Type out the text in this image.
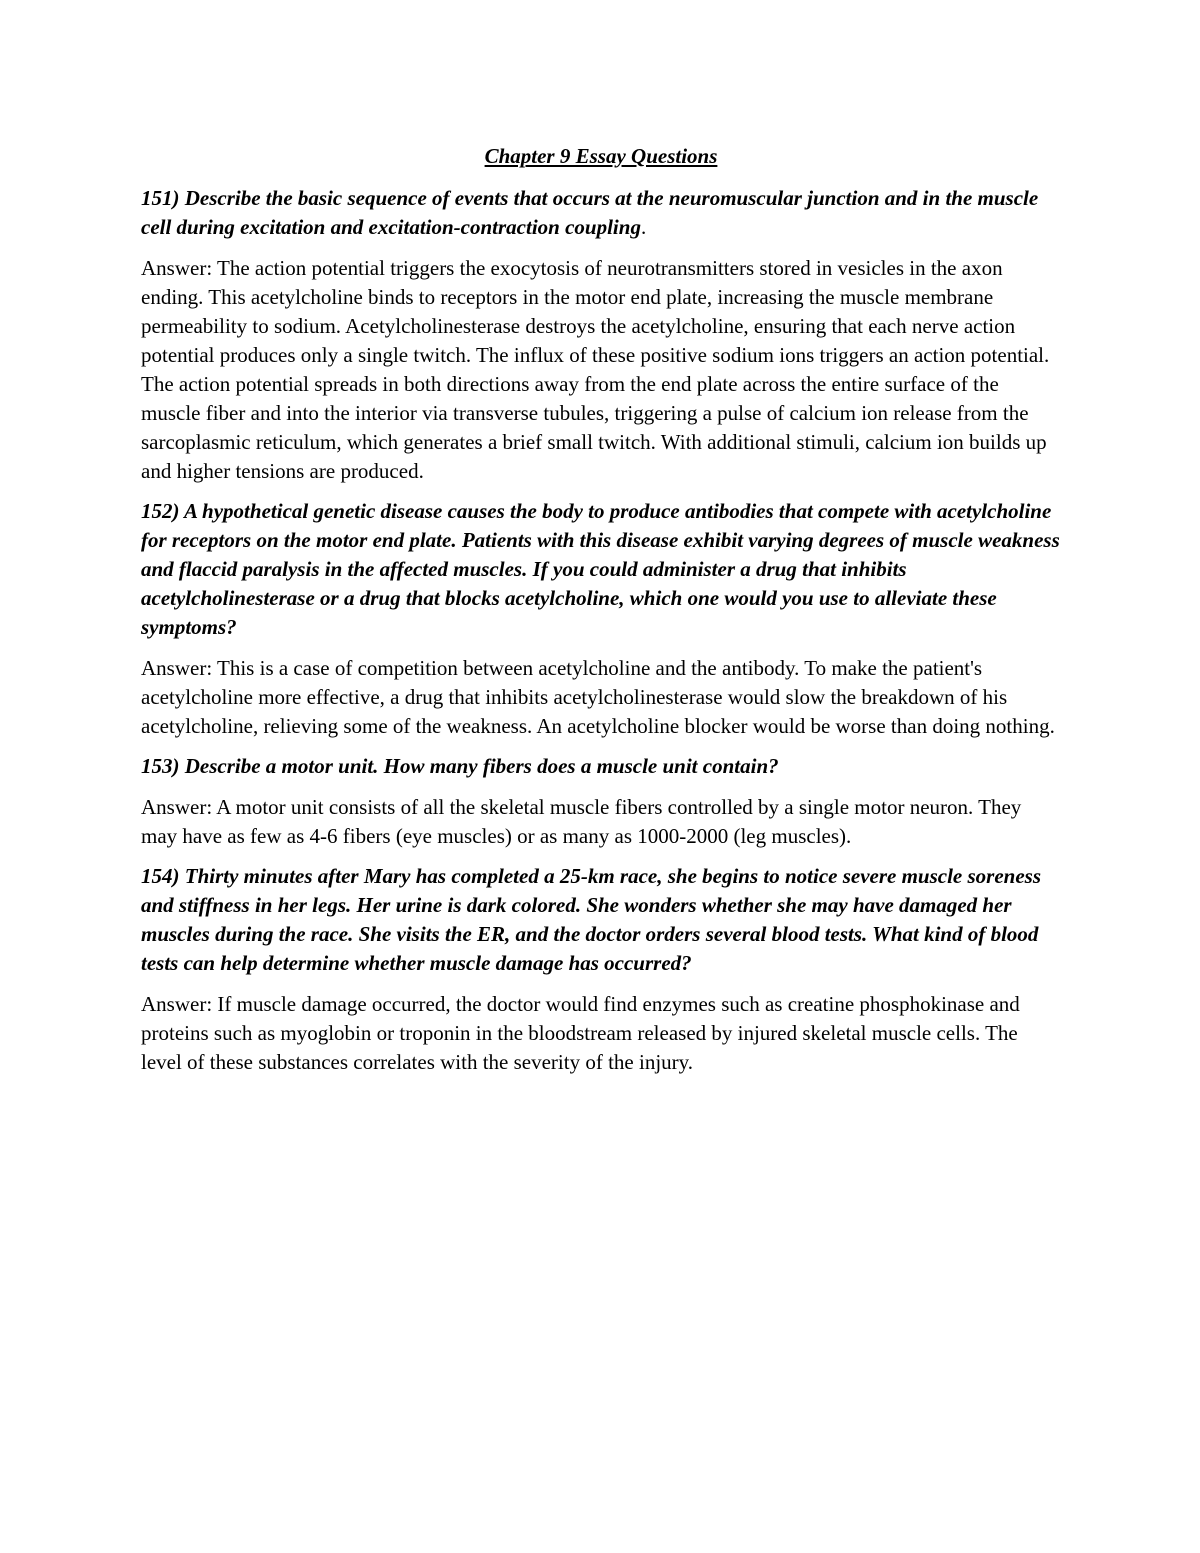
Chapter 9 Essay Questions

151) Describe the basic sequence of events that occurs at the neuromuscular junction and in the muscle cell during excitation and excitation-contraction coupling.

Answer: The action potential triggers the exocytosis of neurotransmitters stored in vesicles in the axon ending. This acetylcholine binds to receptors in the motor end plate, increasing the muscle membrane permeability to sodium. Acetylcholinesterase destroys the acetylcholine, ensuring that each nerve action potential produces only a single twitch. The influx of these positive sodium ions triggers an action potential. The action potential spreads in both directions away from the end plate across the entire surface of the muscle fiber and into the interior via transverse tubules, triggering a pulse of calcium ion release from the sarcoplasmic reticulum, which generates a brief small twitch. With additional stimuli, calcium ion builds up and higher tensions are produced.

152) A hypothetical genetic disease causes the body to produce antibodies that compete with acetylcholine for receptors on the motor end plate. Patients with this disease exhibit varying degrees of muscle weakness and flaccid paralysis in the affected muscles. If you could administer a drug that inhibits acetylcholinesterase or a drug that blocks acetylcholine, which one would you use to alleviate these symptoms?

Answer: This is a case of competition between acetylcholine and the antibody. To make the patient's acetylcholine more effective, a drug that inhibits acetylcholinesterase would slow the breakdown of his acetylcholine, relieving some of the weakness. An acetylcholine blocker would be worse than doing nothing.

153) Describe a motor unit. How many fibers does a muscle unit contain?

Answer: A motor unit consists of all the skeletal muscle fibers controlled by a single motor neuron. They may have as few as 4-6 fibers (eye muscles) or as many as 1000-2000 (leg muscles).

154) Thirty minutes after Mary has completed a 25-km race, she begins to notice severe muscle soreness and stiffness in her legs. Her urine is dark colored. She wonders whether she may have damaged her muscles during the race. She visits the ER, and the doctor orders several blood tests. What kind of blood tests can help determine whether muscle damage has occurred?

Answer: If muscle damage occurred, the doctor would find enzymes such as creatine phosphokinase and proteins such as myoglobin or troponin in the bloodstream released by injured skeletal muscle cells. The level of these substances correlates with the severity of the injury.
